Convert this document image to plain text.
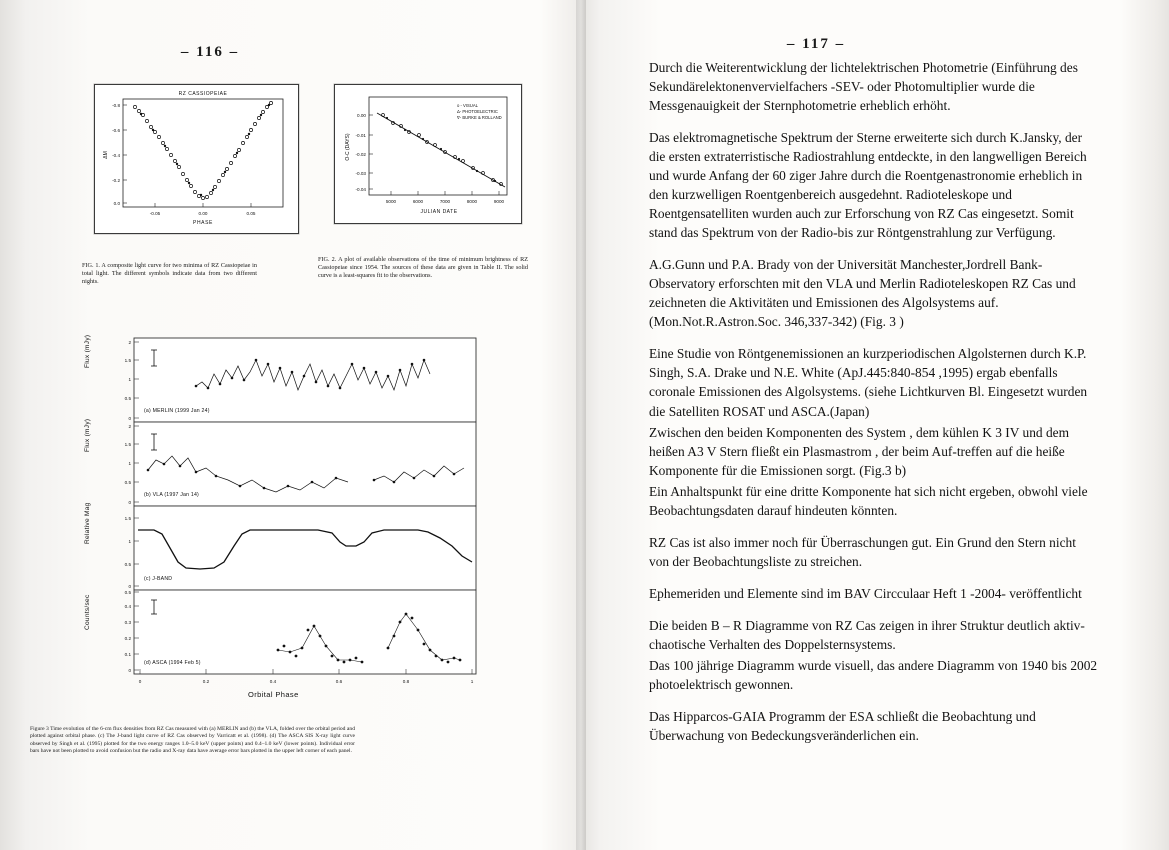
– 116 –
RZ CASSIOPEIAE
-0.8
-0.6
-0.4
-0.2
0.0
-0.05	0.00	0.05
PHASE
ΔM
o - VISUAL
Δ- PHOTOELECTRIC
∇- BURKE & ROLLAND
0.00
-0.01
-0.02
-0.03
-0.04
5000	6000	7000	8000	9000
JULIAN DATE
O-C (DAYS)
FIG. 1. A composite light curve for two minima of RZ Cassiopeiae in total light. The different symbols indicate data from two different nights.
FIG. 2. A plot of available observations of the time of minimum brightness of RZ Cassiopeiae since 1954. The sources of these data are given in Table II. The solid curve is a least-squares fit to the observations.
0
0.5
1
1.5
2
0
0.5
1
1.5
2
0
0.5
1
1.5
0
0.1
0.2
0.3
0.4
0.5
0	0.2	0.4	0.6	0.8	1
Flux (mJy)
Flux (mJy)
Relative Mag
Counts/sec
(a) MERLIN (1999 Jan 24)
(b) VLA (1997 Jan 14)
(c) J-BAND
(d) ASCA (1994 Feb 5)
Orbital Phase
Figure 3 Time evolution of the 6-cm flux densities from RZ Cas measured with (a) MERLIN and (b) the VLA, folded over the orbital period and plotted against orbital phase. (c) The J-band light curve of RZ Cas observed by Varricatt et al. (1998). (d) The ASCA SIS X-ray light curve observed by Singh et al. (1995) plotted for the two energy ranges 1.0–5.0 keV (upper points) and 0.4–1.0 keV (lower points). Individual error bars have not been plotted to avoid confusion but the radio and X-ray data have average error bars plotted in the upper left corner of each panel.
– 117 –

Durch die Weiterentwicklung der lichtelektrischen Photometrie (Einführung des Sekundärelektonenvervielfachers -SEV- oder Photomultiplier wurde die Messgenauigkeit der Sternphotometrie erheblich erhöht.

Das elektromagnetische Spektrum der Sterne erweiterte sich durch K.Jansky, der die ersten extraterristische Radiostrahlung entdeckte, in den langwelligen Bereich und wurde Anfang der 60 ziger Jahre durch die Roentgenastronomie erheblich in den kurzwelligen Roentgenbereich ausgedehnt. Radioteleskope und Roentgensatelliten wurden auch zur Erforschung von RZ Cas eingesetzt. Somit stand das Spektrum von der Radio-bis zur Röntgenstrahlung zur Verfügung.

A.G.Gunn und P.A. Brady von der Universität Manchester,Jordrell Bank-Observatory erforschten mit den VLA und Merlin Radioteleskopen RZ Cas und zeichneten die Aktivitäten und Emissionen des Algolsystems auf. (Mon.Not.R.Astron.Soc. 346,337-342) (Fig. 3 )

Eine Studie von Röntgenemissionen an kurzperiodischen Algolsternen durch K.P. Singh, S.A. Drake und N.E. White (ApJ.445:840-854 ,1995) ergab ebenfalls coronale Emissionen des Algolsystems. (siehe Lichtkurven Bl. Eingesetzt wurden die Satelliten ROSAT und ASCA.(Japan)

Zwischen den beiden Komponenten des System , dem kühlen K 3 IV und dem heißen A3 V Stern fließt ein Plasmastrom , der beim Auf-treffen auf die heiße Komponente für die Emissionen sorgt. (Fig.3 b)

Ein Anhaltspunkt für eine dritte Komponente hat sich nicht ergeben, obwohl viele Beobachtungsdaten darauf hindeuten könnten.

RZ Cas ist also immer noch für Überraschungen gut. Ein Grund den Stern nicht von der Beobachtungsliste zu streichen.

Ephemeriden und Elemente sind im BAV Circculaar Heft 1 -2004- veröffentlicht

Die beiden B – R Diagramme von RZ Cas zeigen in ihrer Struktur deutlich aktiv-chaotische Verhalten des Doppelsternsystems.

Das 100 jährige Diagramm wurde visuell, das andere Diagramm von 1940 bis 2002 photoelektrisch gewonnen.

Das Hipparcos-GAIA Programm der ESA schließt die Beobachtung und Überwachung von Bedeckungsveränderlichen ein.
